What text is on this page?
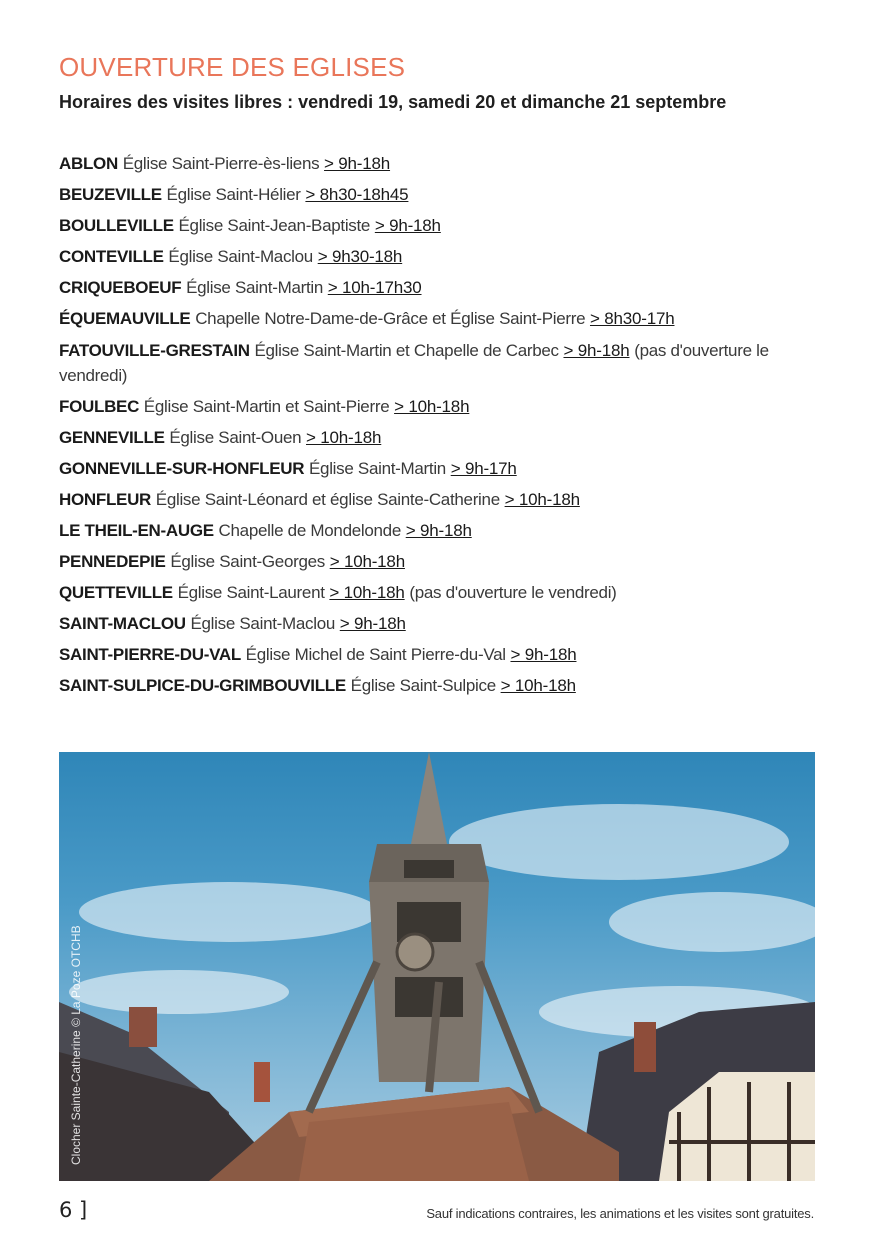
OUVERTURE DES EGLISES
Horaires des visites libres : vendredi 19, samedi 20 et dimanche 21 septembre
ABLON Église Saint-Pierre-ès-liens > 9h-18h
BEUZEVILLE Église Saint-Hélier > 8h30-18h45
BOULLEVILLE Église Saint-Jean-Baptiste > 9h-18h
CONTEVILLE Église Saint-Maclou > 9h30-18h
CRIQUEBOEUF Église Saint-Martin > 10h-17h30
ÉQUEMAUVILLE Chapelle Notre-Dame-de-Grâce et Église Saint-Pierre > 8h30-17h
FATOUVILLE-GRESTAIN Église Saint-Martin et Chapelle de Carbec > 9h-18h (pas d'ouverture le vendredi)
FOULBEC Église Saint-Martin et Saint-Pierre > 10h-18h
GENNEVILLE Église Saint-Ouen > 10h-18h
GONNEVILLE-SUR-HONFLEUR Église Saint-Martin > 9h-17h
HONFLEUR Église Saint-Léonard et église Sainte-Catherine > 10h-18h
LE THEIL-EN-AUGE Chapelle de Mondelonde > 9h-18h
PENNEDEPIE Église Saint-Georges > 10h-18h
QUETTEVILLE Église Saint-Laurent > 10h-18h (pas d'ouverture le vendredi)
SAINT-MACLOU Église Saint-Maclou > 9h-18h
SAINT-PIERRE-DU-VAL Église Michel de Saint Pierre-du-Val > 9h-18h
SAINT-SULPICE-DU-GRIMBOUVILLE Église Saint-Sulpice > 10h-18h
Clocher Sainte-Catherine © La Poze OTCHB
6 ]	Sauf indications contraires, les animations et les visites sont gratuites.
